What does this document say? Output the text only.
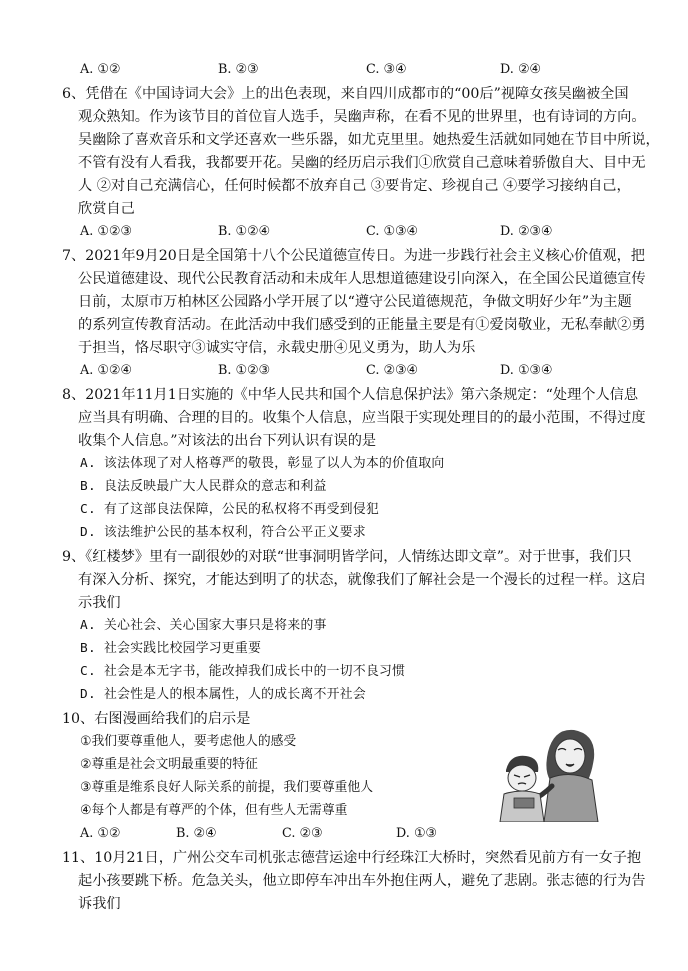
A. ①②	B. ②③	C. ③④	D. ②④
6、凭借在《中国诗词大会》上的出色表现，来自四川成都市的“00后”视障女孩吴幽被全国
观众熟知。作为该节目的首位盲人选手，吴幽声称，在看不见的世界里，也有诗词的方向。
吴幽除了喜欢音乐和文学还喜欢一些乐器，如尤克里里。她热爱生活就如同她在节目中所说，
不管有没有人看我，我都要开花。吴幽的经历启示我们①欣赏自己意味着骄傲自大、目中无
人 ②对自己充满信心，任何时候都不放弃自己 ③要肯定、珍视自己 ④要学习接纳自己，
欣赏自己
A. ①②③	B. ①②④	C. ①③④	D. ②③④
7、2021年9月20日是全国第十八个公民道德宣传日。为进一步践行社会主义核心价值观，把
公民道德建设、现代公民教育活动和未成年人思想道德建设引向深入，在全国公民道德宣传
日前，太原市万柏林区公园路小学开展了以“遵守公民道德规范，争做文明好少年”为主题
的系列宣传教育活动。在此活动中我们感受到的正能量主要是有①爱岗敬业，无私奉献②勇
于担当，恪尽职守③诚实守信，永载史册④见义勇为，助人为乐
A. ①②④	B. ①②③	C. ②③④	D. ①③④
8、2021年11月1日实施的《中华人民共和国个人信息保护法》第六条规定：“处理个人信息
应当具有明确、合理的目的。收集个人信息，应当限于实现处理目的的最小范围，不得过度
收集个人信息。”对该法的出台下列认识有误的是
A. 该法体现了对人格尊严的敬畏，彰显了以人为本的价值取向
B. 良法反映最广大人民群众的意志和利益
C. 有了这部良法保障，公民的私权将不再受到侵犯
D. 该法维护公民的基本权利，符合公平正义要求
9、《红楼梦》里有一副很妙的对联“世事洞明皆学问，人情练达即文章”。对于世事，我们只
有深入分析、探究，才能达到明了的状态，就像我们了解社会是一个漫长的过程一样。这启
示我们
A. 关心社会、关心国家大事只是将来的事
B. 社会实践比校园学习更重要
C. 社会是本无字书，能改掉我们成长中的一切不良习惯
D. 社会性是人的根本属性，人的成长离不开社会
10、右图漫画给我们的启示是
①我们要尊重他人，要考虑他人的感受
②尊重是社会文明最重要的特征
③尊重是维系良好人际关系的前提，我们要尊重他人
④每个人都是有尊严的个体，但有些人无需尊重
A. ①②	B. ②④	C. ②③	D. ①③
11、10月21日，广州公交车司机张志德营运途中行经珠江大桥时，突然看见前方有一女子抱
起小孩要跳下桥。危急关头，他立即停车冲出车外抱住两人，避免了悲剧。张志德的行为告
诉我们
